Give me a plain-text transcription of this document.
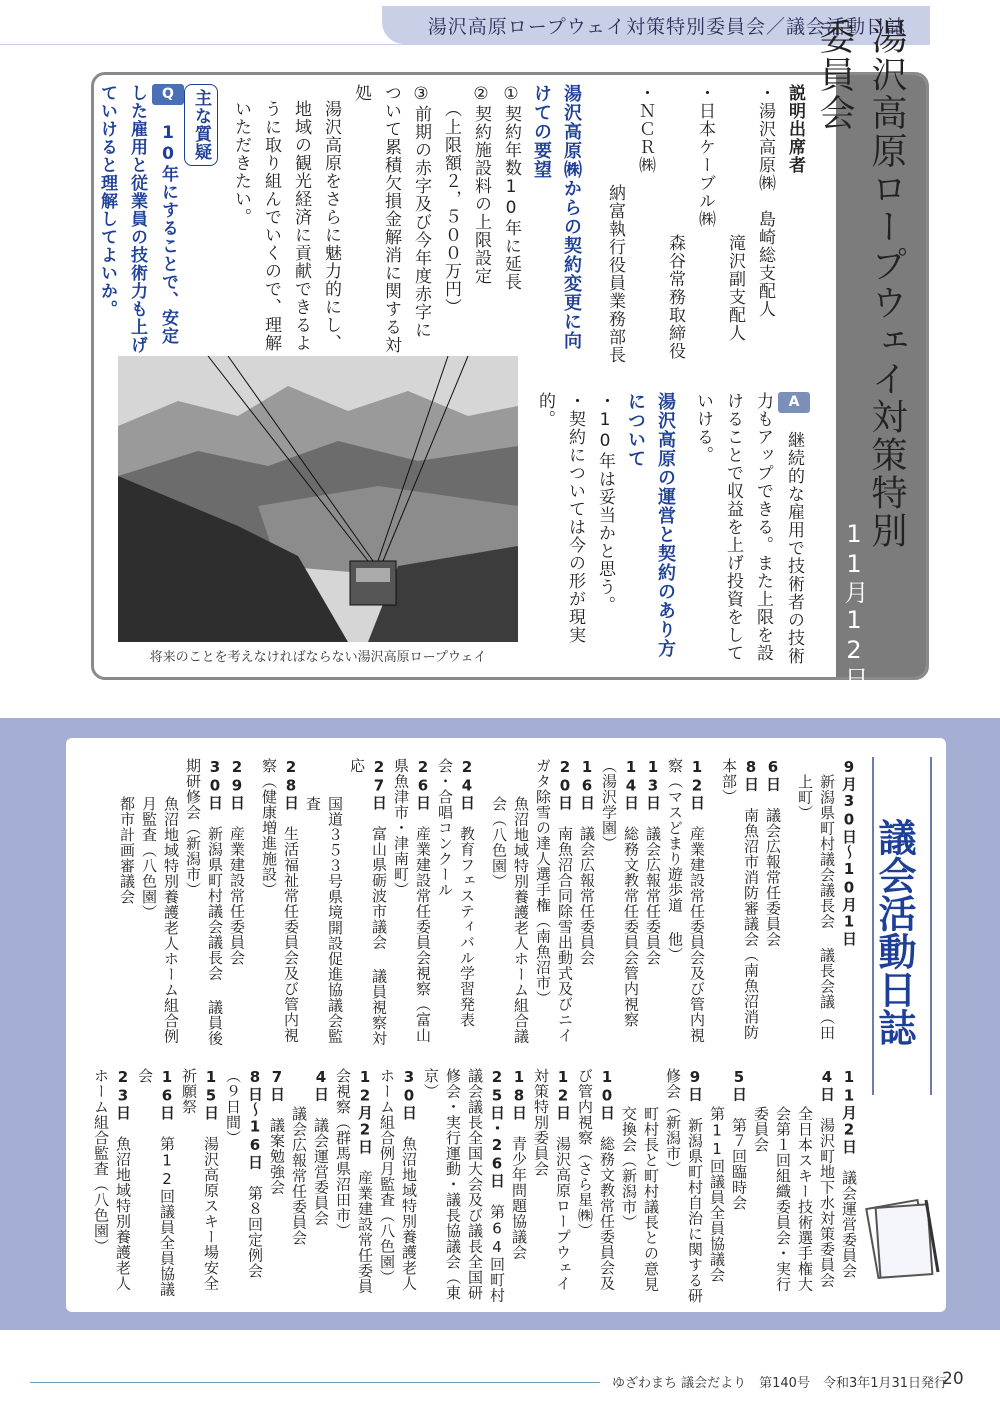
湯沢高原ロープウェイ対策特別委員会／議会活動日誌
湯沢高原ロープウェイ対策特別委員会
11月12日㈭
説明出席者
・湯沢高原㈱　島崎総支配人
滝沢副支配人
・日本ケーブル㈱
森谷常務取締役
・ＮＣＲ㈱
納富執行役員業務部長
湯沢高原㈱からの契約変更に向けての要望
①契約年数10年に延長
②契約施設料の上限設定
（上限額２，５００万円）
③前期の赤字及び今年度赤字について累積欠損金解消に関する対処
湯沢高原をさらに魅力的にし、地域の観光経済に貢献できるように取り組んでいくので、理解いただきたい。
主な質疑
Q　10年にすることで、安定した雇用と従業員の技術力も上げていけると理解してよいか。
A　継続的な雇用で技術者の技術力もアップできる。また上限を設けることで収益を上げ投資をしていける。
湯沢高原の運営と契約のあり方について
・10年は妥当かと思う。
・契約については今の形が現実的。
将来のことを考えなければならない湯沢高原ロープウェイ
議会活動日誌
9月30日～10月1日
新潟県町村議会議長会 議長会議（田上町）
6日　議会広報常任委員会
8日　南魚沼市消防審議会（南魚沼消防本部）
12日　産業建設常任委員会及び管内視察（マスどまり遊歩道 他）
13日　議会広報常任委員会
14日　総務文教常任委員会管内視察（湯沢学園）
16日　議会広報常任委員会
20日　南魚沼合同除雪出動式及びニイガタ除雪の達人選手権（南魚沼市）
魚沼地域特別養護老人ホーム組合議会（八色園）
24日　教育フェスティバル学習発表会・合唱コンクール
26日　産業建設常任委員会視察（富山県魚津市・津南町）
27日　富山県砺波市議会 議員視察対応
国道３５３号県境開設促進協議会監査
28日　生活福祉常任委員会及び管内視察（健康増進施設）
29日　産業建設常任委員会
30日　新潟県町村議会議長会 議員後期研修会（新潟市）
魚沼地域特別養護老人ホーム組合例月監査（八色園）
都市計画審議会
11月2日　議会運営委員会
4日　湯沢町地下水対策委員会
全日本スキー技術選手権大会第１回組織委員会・実行委員会
5日　第７回臨時会
第11回議員全員協議会
9日　新潟県町村自治に関する研修会（新潟市）
町村長と町村議長との意見交換会（新潟市）
10日　総務文教常任委員会及び管内視察（さら星㈱）
12日　湯沢高原ロープウェイ対策特別委員会
18日　青少年問題協議会
25日・26日　第64回町村議会議長全国大会及び議長全国研修会・実行運動・議長協議会（東京）
30日　魚沼地域特別養護老人ホーム組合例月監査（八色園）
12月2日　産業建設常任委員会視察（群馬県沼田市）
4日　議会運営委員会
議会広報常任委員会
7日　議案勉強会
8日～16日　第８回定例会（９日間）
15日　湯沢高原スキー場安全祈願祭
16日　第12回議員全員協議会
23日　魚沼地域特別養護老人ホーム組合監査（八色園）
ゆざわまち 議会だより　第140号　令和3年1月31日発行
20
